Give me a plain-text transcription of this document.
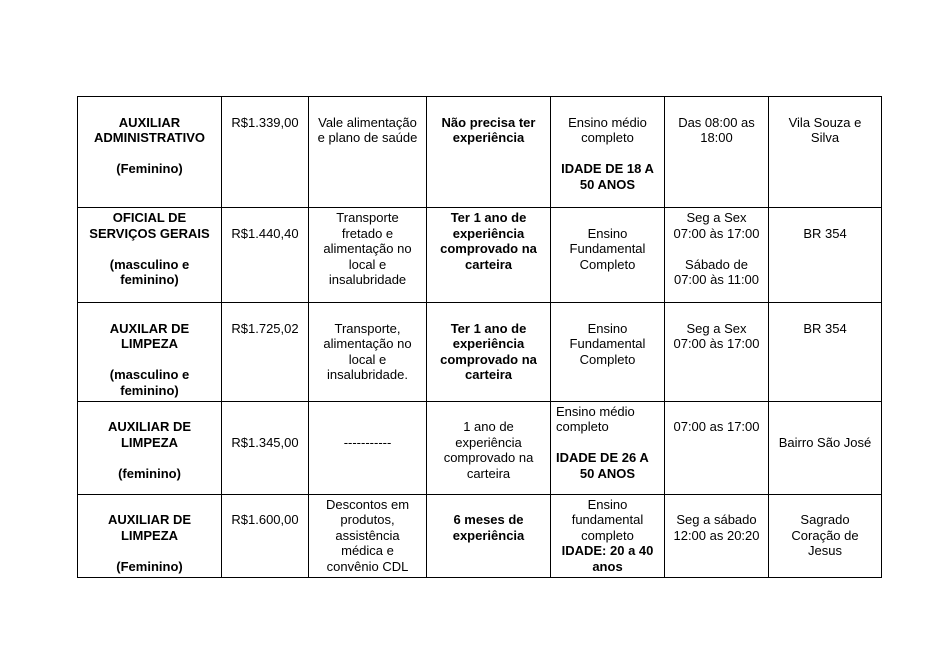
AUXILIAR
ADMINISTRATIVO
(Feminino)	R$1.339,00	Vale alimentação
e plano de saúde	Não precisa ter
experiência	Ensino médio
completo
IDADE DE 18 A
50 ANOS	Das 08:00 as
18:00	Vila Souza e
Silva

OFICIAL DE
SERVIÇOS GERAIS
(masculino e
feminino)	R$1.440,40	Transporte
fretado e
alimentação no
local e
insalubridade	Ter 1 ano de
experiência
comprovado na
carteira	Ensino
Fundamental
Completo	Seg a Sex
07:00 às 17:00
Sábado de
07:00 às 11:00	BR 354

AUXILAR DE
LIMPEZA
(masculino e
feminino)	R$1.725,02	Transporte,
alimentação no
local e
insalubridade.	Ter 1 ano de
experiência
comprovado na
carteira	Ensino
Fundamental
Completo	Seg a Sex
07:00 às 17:00	BR 354

AUXILIAR DE
LIMPEZA
(feminino)	R$1.345,00	-----------	1 ano de
experiência
comprovado na
carteira	Ensino médio
completo
IDADE DE 26 A
50 ANOS	07:00 as 17:00	Bairro São José

AUXILIAR DE
LIMPEZA
(Feminino)	R$1.600,00	Descontos em
produtos,
assistência
médica e
convênio CDL	6 meses de
experiência	Ensino
fundamental
completo
IDADE: 20 a 40
anos	Seg a sábado
12:00 as 20:20	Sagrado
Coração de
Jesus
